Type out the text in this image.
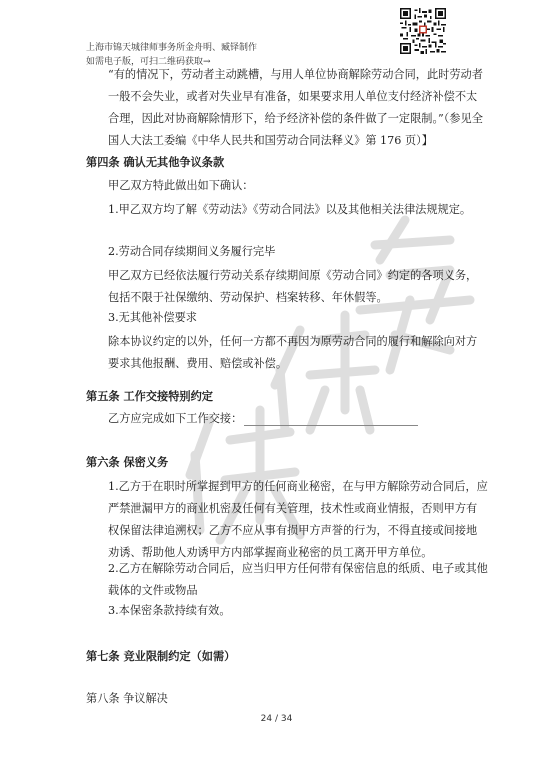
上海市锦天城律师事务所金舟明、臧铎制作
如需电子版，可扫二维码获取→
“有的情况下，劳动者主动跳槽，与用人单位协商解除劳动合同，此时劳动者一般不会失业，或者对失业早有准备，如果要求用人单位支付经济补偿不太合理，因此对协商解除情形下，给予经济补偿的条件做了一定限制。”（参见全国人大法工委编《中华人民共和国劳动合同法释义》第 176 页）】
第四条 确认无其他争议条款
甲乙双方特此做出如下确认：
1.甲乙双方均了解《劳动法》《劳动合同法》以及其他相关法律法规规定。
2.劳动合同存续期间义务履行完毕
甲乙双方已经依法履行劳动关系存续期间原《劳动合同》约定的各项义务，包括不限于社保缴纳、劳动保护、档案转移、年休假等。
3.无其他补偿要求
除本协议约定的以外，任何一方都不再因为原劳动合同的履行和解除向对方要求其他报酬、费用、赔偿或补偿。
第五条 工作交接特别约定
乙方应完成如下工作交接：
第六条 保密义务
1.乙方于在职时所掌握到甲方的任何商业秘密，在与甲方解除劳动合同后，应严禁泄漏甲方的商业机密及任何有关管理，技术性或商业情报，否则甲方有权保留法律追溯权；乙方不应从事有损甲方声誉的行为，不得直接或间接地劝诱、帮助他人劝诱甲方内部掌握商业秘密的员工离开甲方单位。
2.乙方在解除劳动合同后，应当归甲方任何带有保密信息的纸质、电子或其他载体的文件或物品
3.本保密条款持续有效。
第七条 竞业限制约定（如需）
第八条 争议解决
24 / 34
